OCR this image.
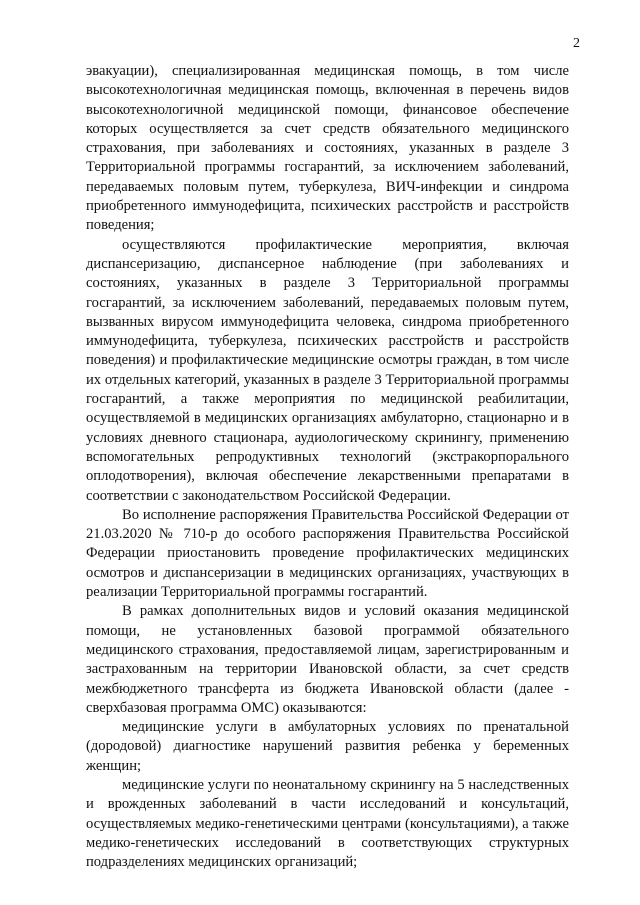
2

эвакуации), специализированная медицинская помощь, в том числе высокотехнологичная медицинская помощь, включенная в перечень видов высокотехнологичной медицинской помощи, финансовое обеспечение которых осуществляется за счет средств обязательного медицинского страхования, при заболеваниях и состояниях, указанных в разделе 3 Территориальной программы госгарантий, за исключением заболеваний, передаваемых половым путем, туберкулеза, ВИЧ-инфекции и синдрома приобретенного иммунодефицита, психических расстройств и расстройств поведения;

осуществляются профилактические мероприятия, включая диспансеризацию, диспансерное наблюдение (при заболеваниях и состояниях, указанных в разделе 3 Территориальной программы госгарантий, за исключением заболеваний, передаваемых половым путем, вызванных вирусом иммунодефицита человека, синдрома приобретенного иммунодефицита, туберкулеза, психических расстройств и расстройств поведения) и профилактические медицинские осмотры граждан, в том числе их отдельных категорий, указанных в разделе 3 Территориальной программы госгарантий, а также мероприятия по медицинской реабилитации, осуществляемой в медицинских организациях амбулаторно, стационарно и в условиях дневного стационара, аудиологическому скринингу, применению вспомогательных репродуктивных технологий (экстракорпорального оплодотворения), включая обеспечение лекарственными препаратами в соответствии с законодательством Российской Федерации.

Во исполнение распоряжения Правительства Российской Федерации от 21.03.2020 № 710-р до особого распоряжения Правительства Российской Федерации приостановить проведение профилактических медицинских осмотров и диспансеризации в медицинских организациях, участвующих в реализации Территориальной программы госгарантий.

В рамках дополнительных видов и условий оказания медицинской помощи, не установленных базовой программой обязательного медицинского страхования, предоставляемой лицам, зарегистрированным и застрахованным на территории Ивановской области, за счет средств межбюджетного трансферта из бюджета Ивановской области (далее - сверхбазовая программа ОМС) оказываются:

медицинские услуги в амбулаторных условиях по пренатальной (дородовой) диагностике нарушений развития ребенка у беременных женщин;

медицинские услуги по неонатальному скринингу на 5 наследственных и врожденных заболеваний в части исследований и консультаций, осуществляемых медико-генетическими центрами (консультациями), а также медико-генетических исследований в соответствующих структурных подразделениях медицинских организаций;
